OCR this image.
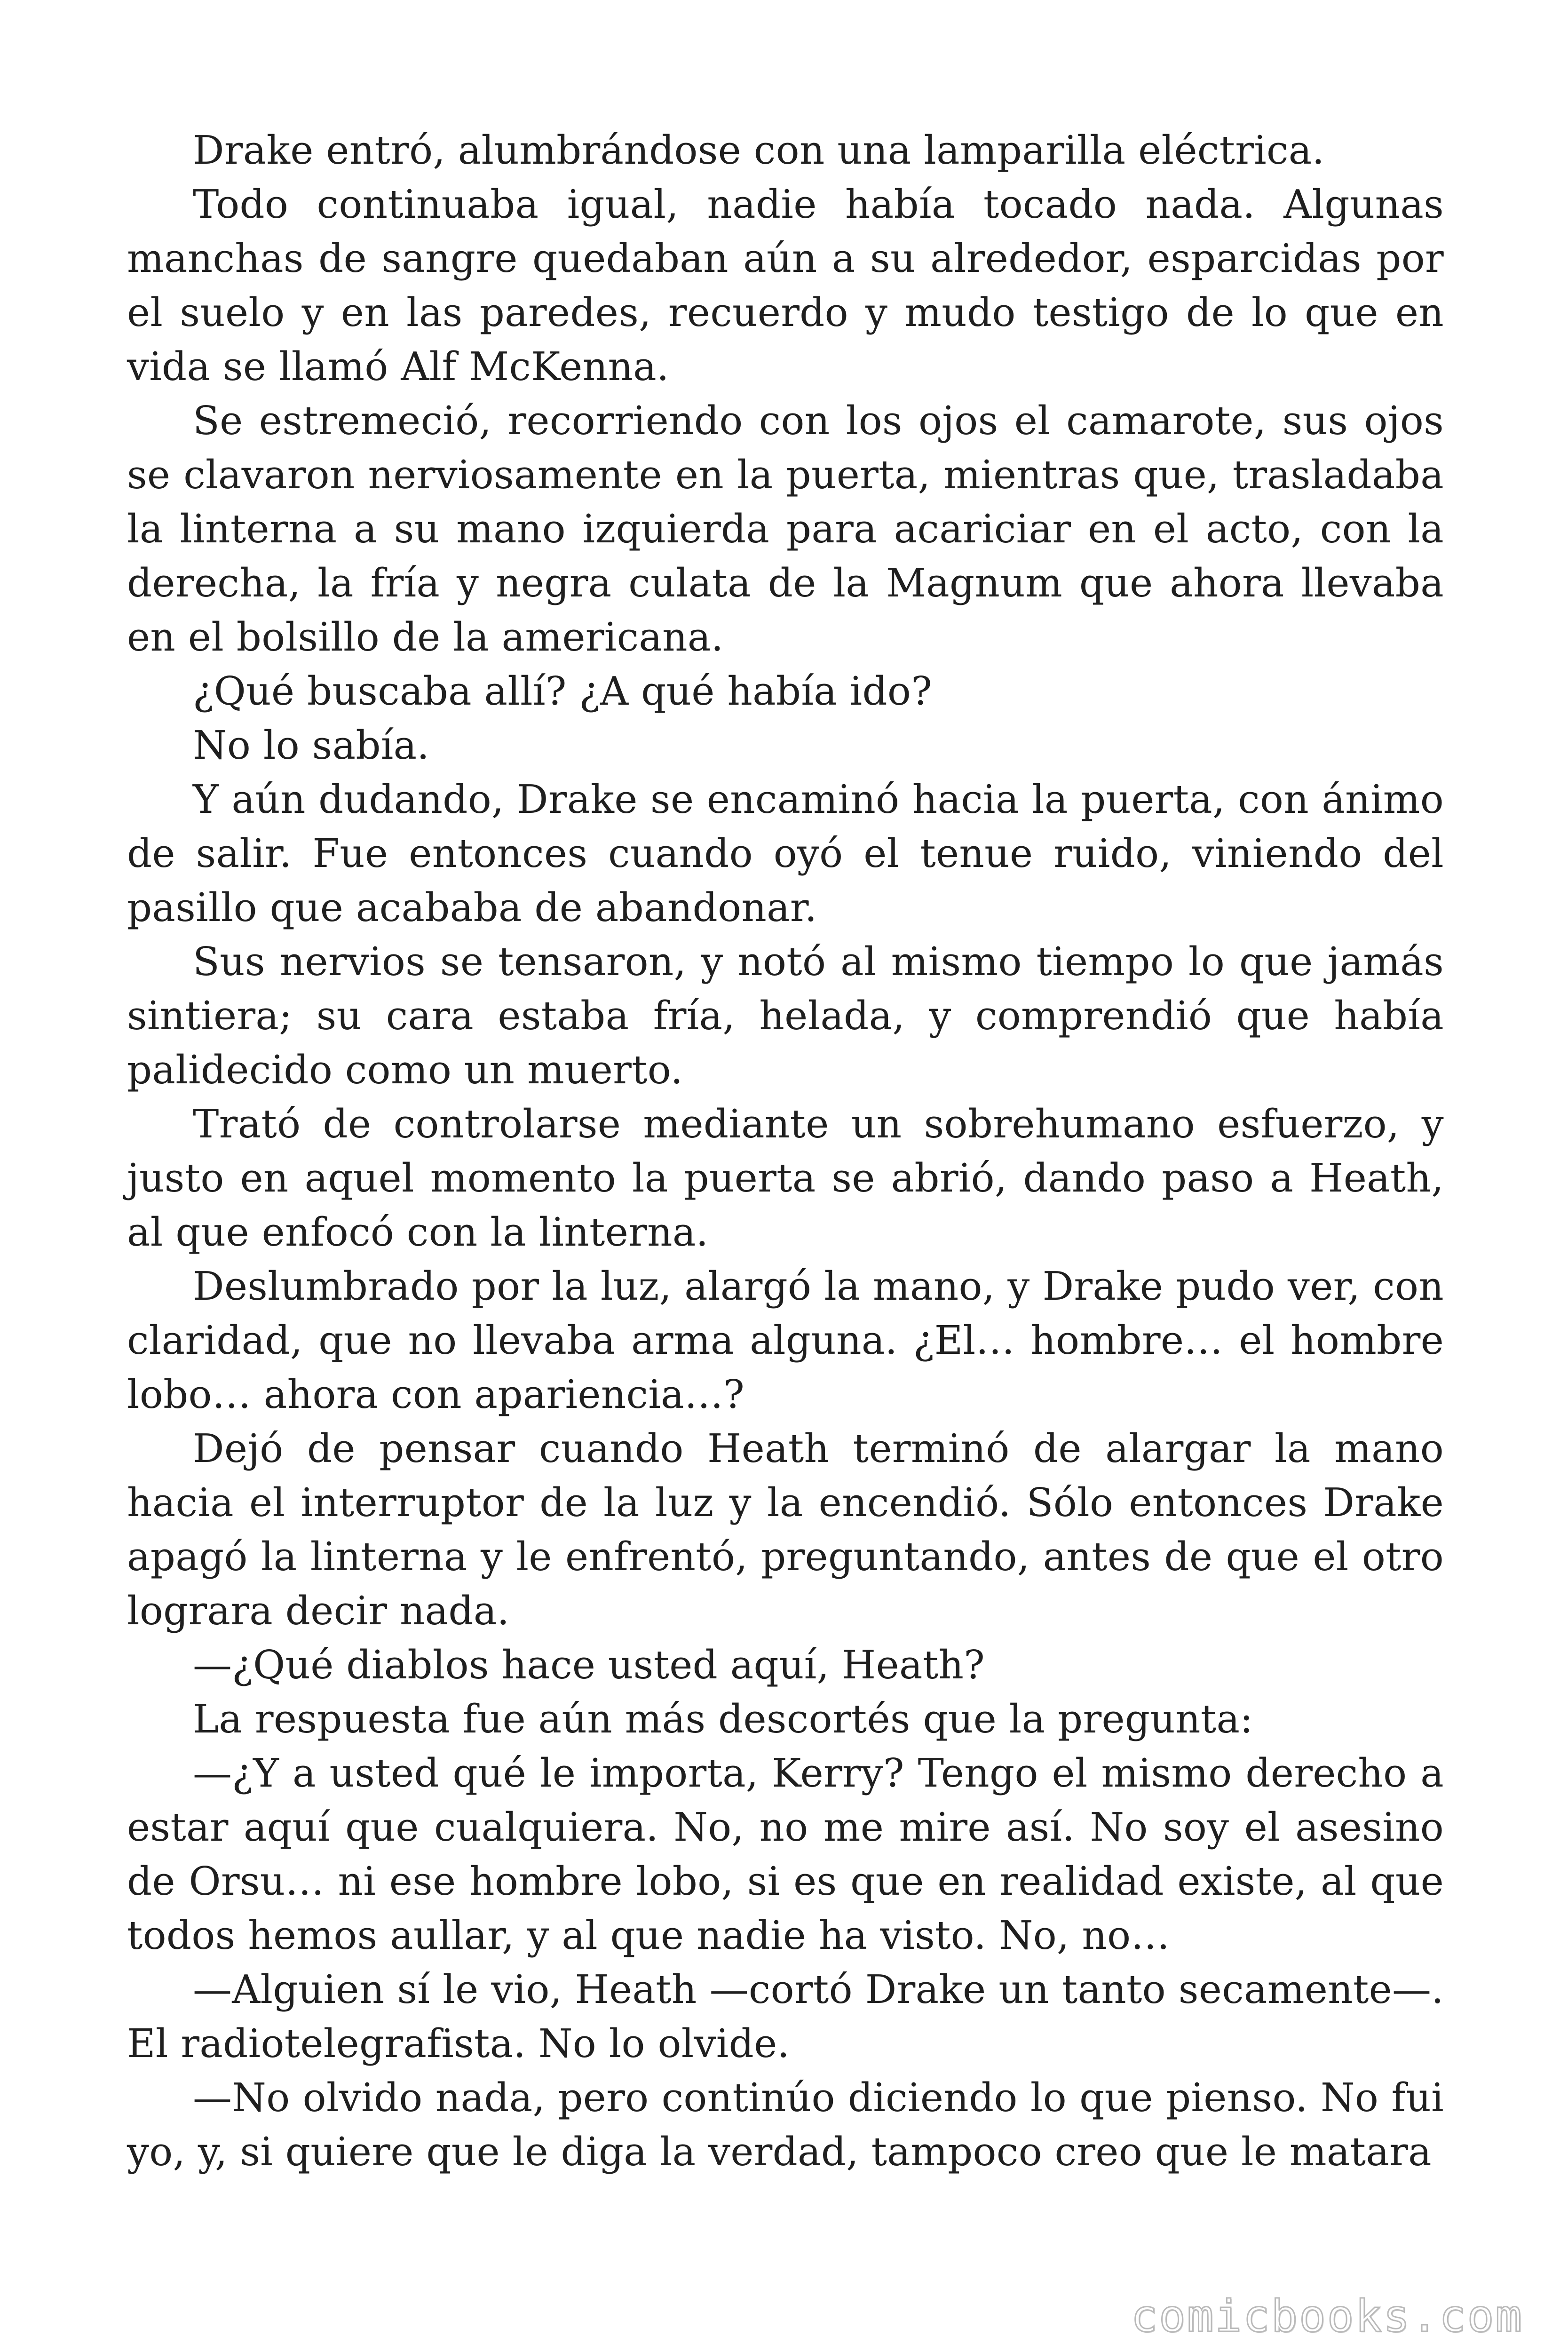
Drake entró, alumbrándose con una lamparilla eléctrica.

Todo continuaba igual, nadie había tocado nada. Algunas manchas de sangre quedaban aún a su alrededor, esparcidas por el suelo y en las paredes, recuerdo y mudo testigo de lo que en vida se llamó Alf McKenna.

Se estremeció, recorriendo con los ojos el camarote, sus ojos se clavaron nerviosamente en la puerta, mientras que, trasladaba la linterna a su mano izquierda para acariciar en el acto, con la derecha, la fría y negra culata de la Magnum que ahora llevaba en el bolsillo de la americana.

¿Qué buscaba allí? ¿A qué había ido?

No lo sabía.

Y aún dudando, Drake se encaminó hacia la puerta, con ánimo de salir. Fue entonces cuando oyó el tenue ruido, viniendo del pasillo que acababa de abandonar.

Sus nervios se tensaron, y notó al mismo tiempo lo que jamás sintiera; su cara estaba fría, helada, y comprendió que había palidecido como un muerto.

Trató de controlarse mediante un sobrehumano esfuerzo, y justo en aquel momento la puerta se abrió, dando paso a Heath, al que enfocó con la linterna.

Deslumbrado por la luz, alargó la mano, y Drake pudo ver, con claridad, que no llevaba arma alguna. ¿El… hombre… el hombre lobo… ahora con apariencia…?

Dejó de pensar cuando Heath terminó de alargar la mano hacia el interruptor de la luz y la encendió. Sólo entonces Drake apagó la linterna y le enfrentó, preguntando, antes de que el otro lograra decir nada.

—¿Qué diablos hace usted aquí, Heath?

La respuesta fue aún más descortés que la pregunta:

—¿Y a usted qué le importa, Kerry? Tengo el mismo derecho a estar aquí que cualquiera. No, no me mire así. No soy el asesino de Orsu… ni ese hombre lobo, si es que en realidad existe, al que todos hemos aullar, y al que nadie ha visto. No, no…

—Alguien sí le vio, Heath —cortó Drake un tanto secamente—. El radiotelegrafista. No lo olvide.

—No olvido nada, pero continúo diciendo lo que pienso. No fui yo, y, si quiere que le diga la verdad, tampoco creo que le matara

comicbooks.com
